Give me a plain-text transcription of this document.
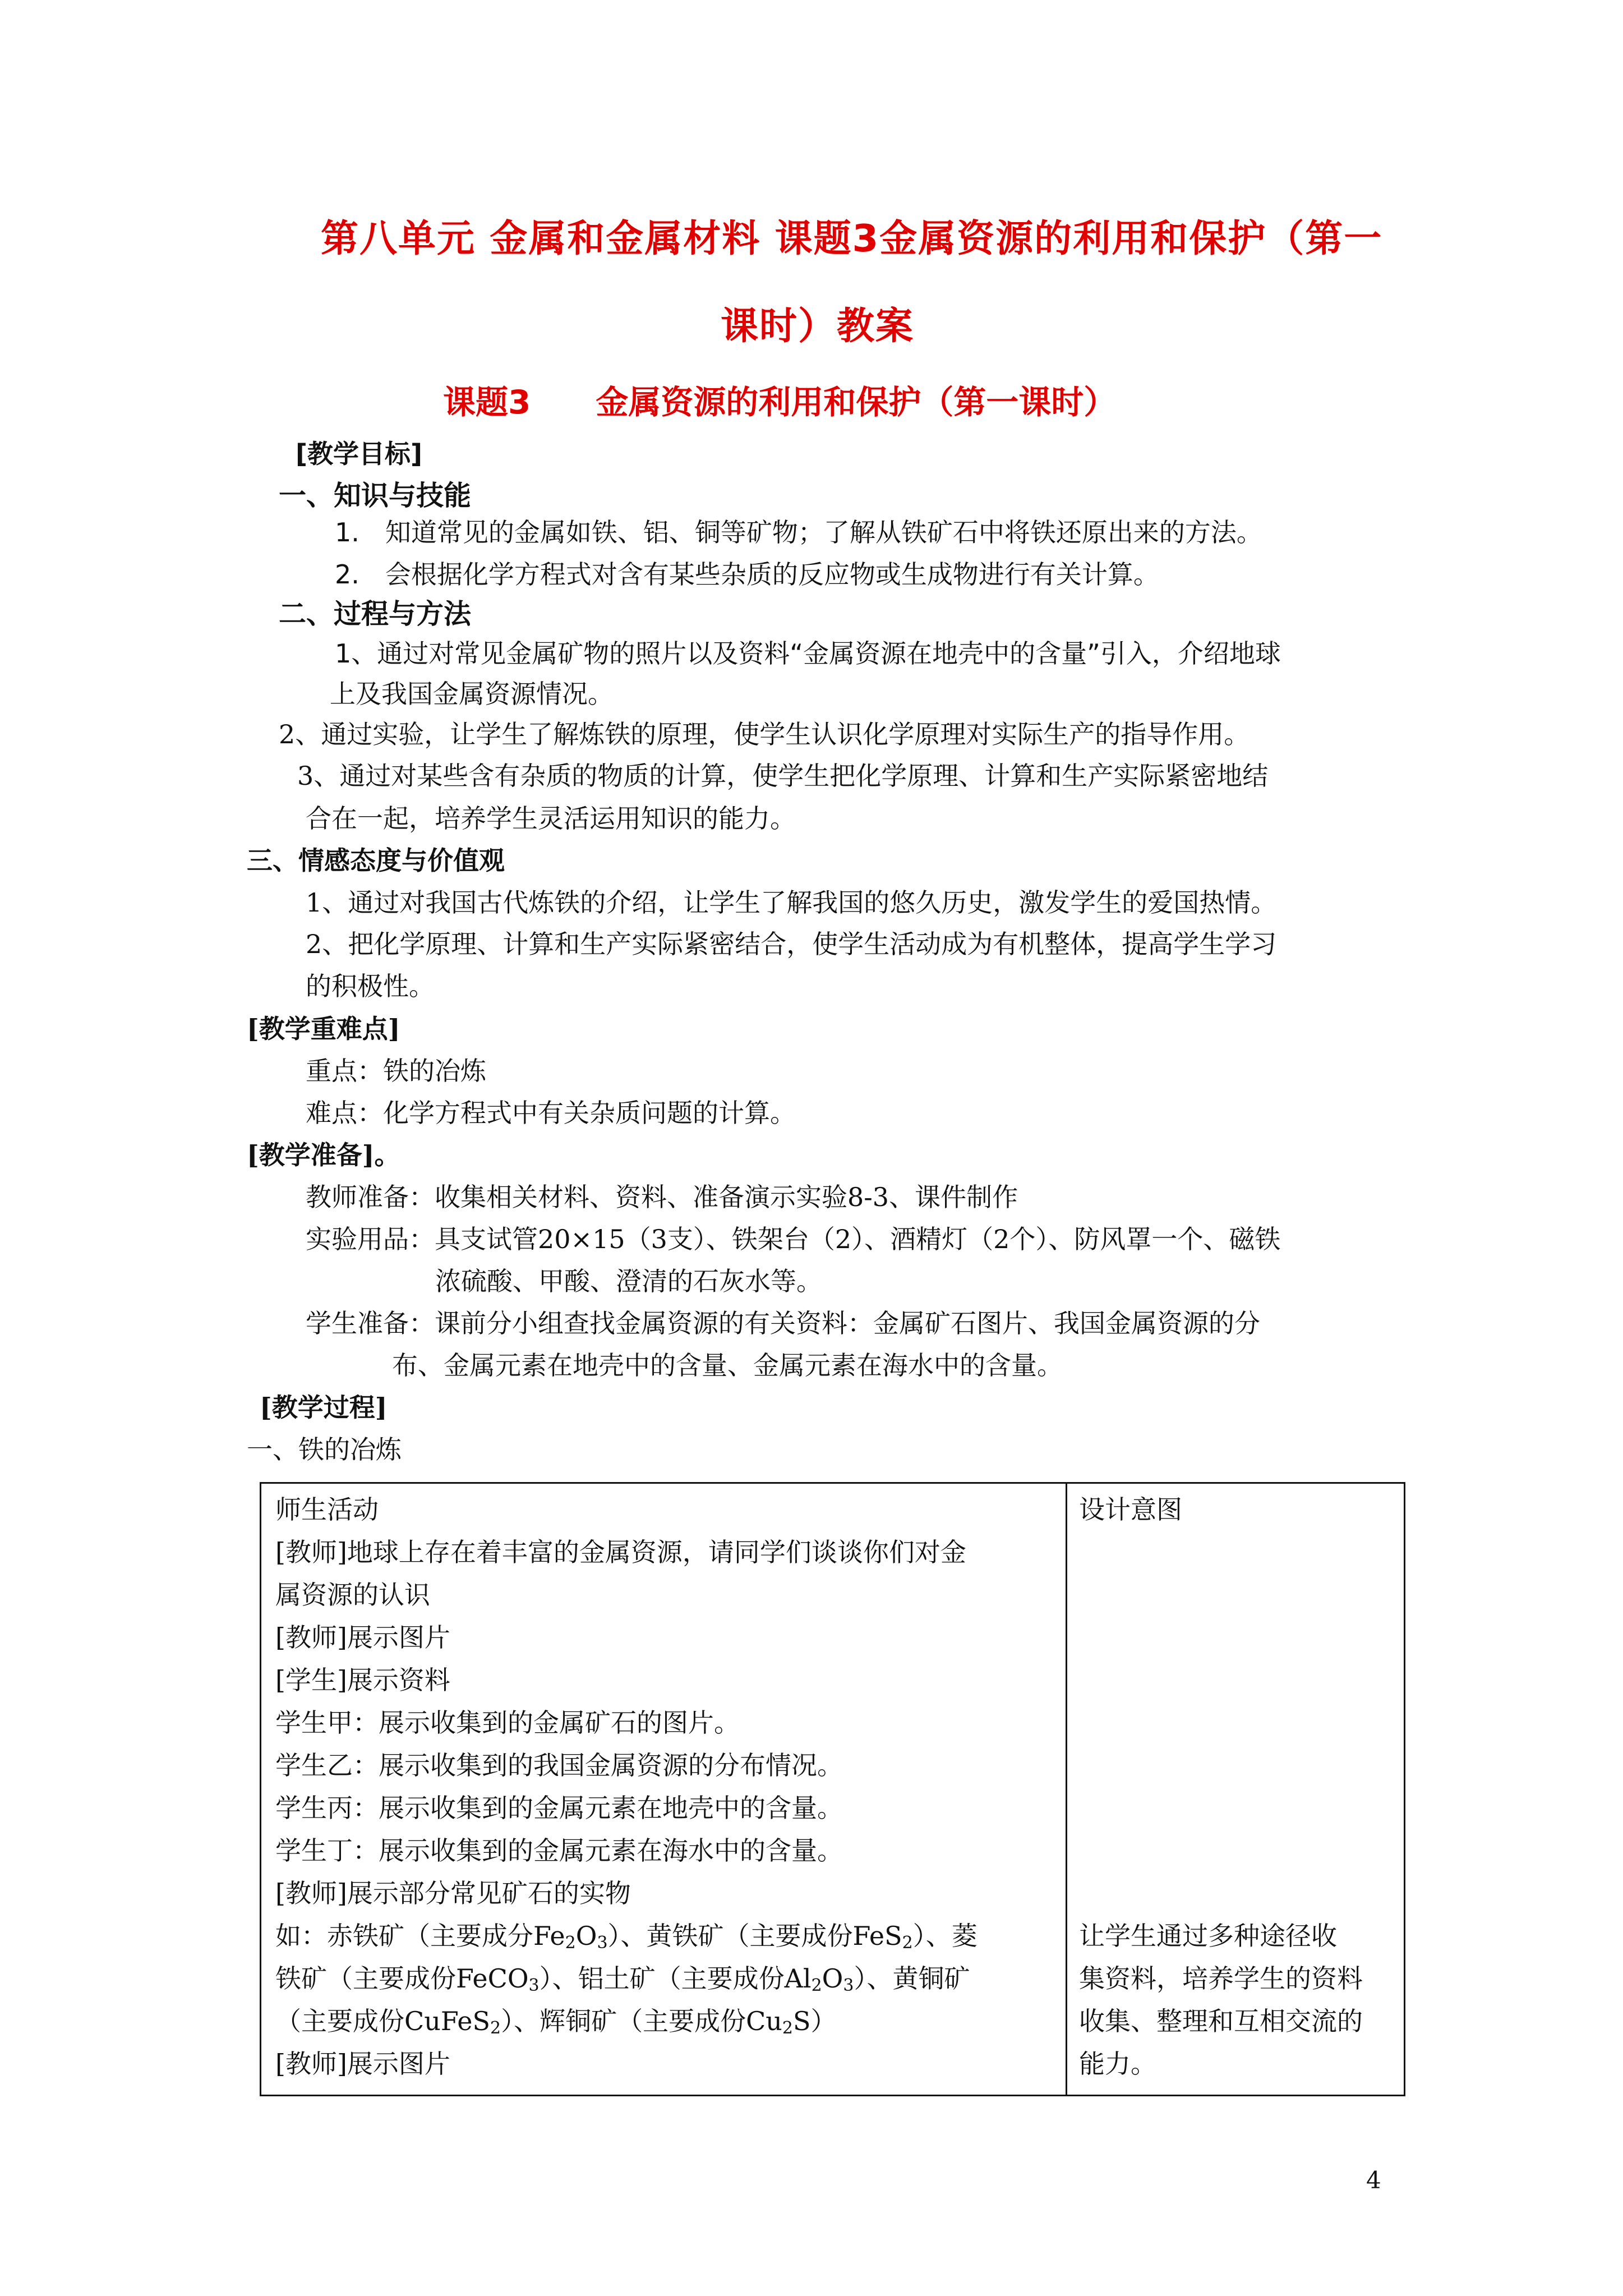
第八单元 金属和金属材料 课题3金属资源的利用和保护（第一
课时）教案
课题3　　金属资源的利用和保护（第一课时）
[教学目标]
一、知识与技能
1.　知道常见的金属如铁、铝、铜等矿物；了解从铁矿石中将铁还原出来的方法。
2.　会根据化学方程式对含有某些杂质的反应物或生成物进行有关计算。
二、过程与方法
1、通过对常见金属矿物的照片以及资料“金属资源在地壳中的含量”引入，介绍地球
上及我国金属资源情况。
2、通过实验，让学生了解炼铁的原理，使学生认识化学原理对实际生产的指导作用。
3、通过对某些含有杂质的物质的计算，使学生把化学原理、计算和生产实际紧密地结
合在一起，培养学生灵活运用知识的能力。
三、情感态度与价值观
1、通过对我国古代炼铁的介绍，让学生了解我国的悠久历史，激发学生的爱国热情。
2、把化学原理、计算和生产实际紧密结合，使学生活动成为有机整体，提高学生学习
的积极性。
[教学重难点]
重点：铁的冶炼
难点：化学方程式中有关杂质问题的计算。
[教学准备]。
教师准备：收集相关材料、资料、准备演示实验8-3、课件制作
实验用品：具支试管20×15（3支）、铁架台（2）、酒精灯（2个）、防风罩一个、磁铁
浓硫酸、甲酸、澄清的石灰水等。
学生准备：课前分小组查找金属资源的有关资料：金属矿石图片、我国金属资源的分
布、金属元素在地壳中的含量、金属元素在海水中的含量。
[教学过程]
一、铁的冶炼
师生活动
[教师]地球上存在着丰富的金属资源，请同学们谈谈你们对金
属资源的认识
[教师]展示图片
[学生]展示资料
学生甲：展示收集到的金属矿石的图片。
学生乙：展示收集到的我国金属资源的分布情况。
学生丙：展示收集到的金属元素在地壳中的含量。
学生丁：展示收集到的金属元素在海水中的含量。
[教师]展示部分常见矿石的实物
如：赤铁矿（主要成分$Fe_2O_3$）、黄铁矿（主要成份FeS$_2$）、菱
铁矿（主要成份FeCO$_3$）、铝土矿（主要成份$Al_2O_3$）、黄铜矿
（主要成份CuFeS$_2$）、辉铜矿（主要成份$Cu_2S$）
[教师]展示图片
设计意图
让学生通过多种途径收
集资料，培养学生的资料
收集、整理和互相交流的
能力。
4
